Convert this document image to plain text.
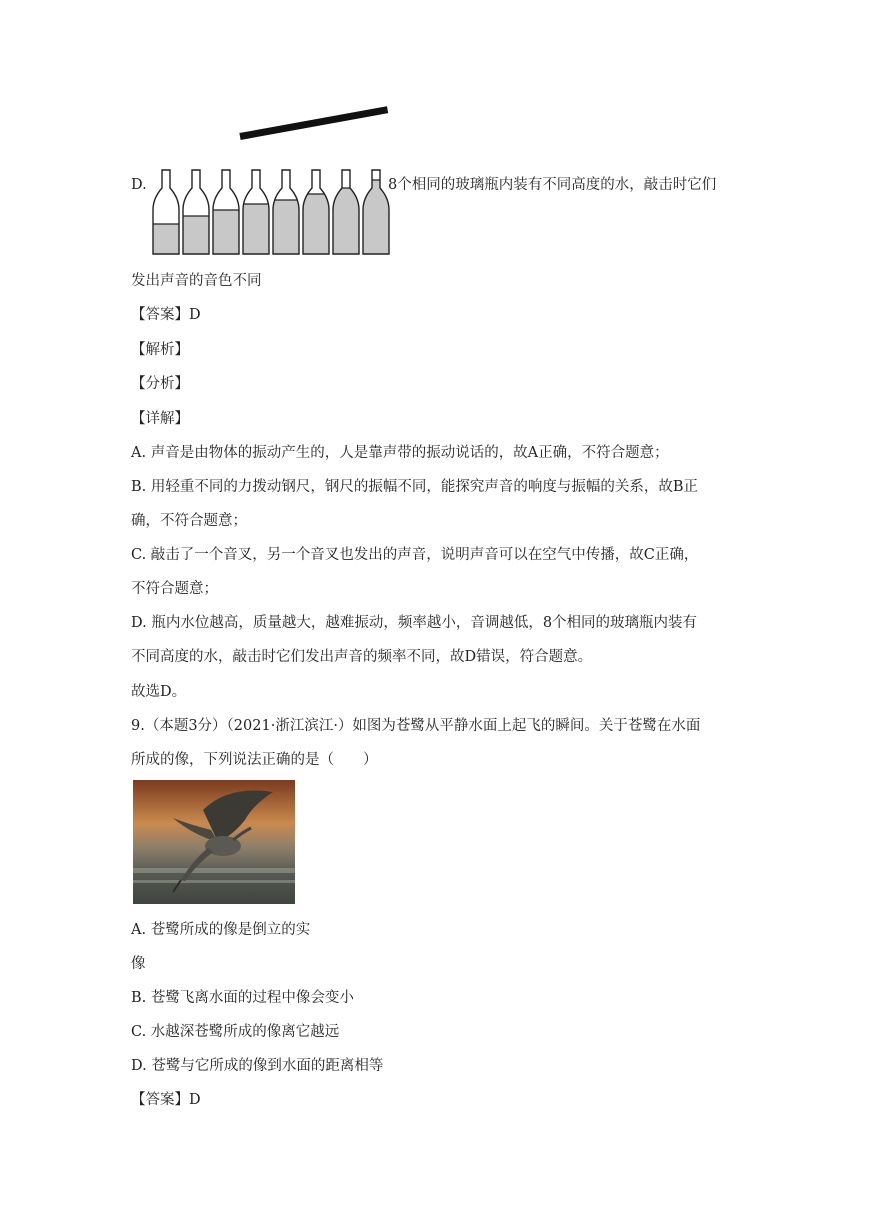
D.	8个相同的玻璃瓶内装有不同高度的水，敲击时它们
发出声音的音色不同
【答案】D
【解析】
【分析】
【详解】
A. 声音是由物体的振动产生的，人是靠声带的振动说话的，故A正确，不符合题意；
B. 用轻重不同的力拨动钢尺，钢尺的振幅不同，能探究声音的响度与振幅的关系，故B正
确，不符合题意；
C. 敲击了一个音叉，另一个音叉也发出的声音，说明声音可以在空气中传播，故C正确，
不符合题意；
D. 瓶内水位越高，质量越大，越难振动，频率越小，音调越低，8个相同的玻璃瓶内装有
不同高度的水，敲击时它们发出声音的频率不同，故D错误，符合题意。
故选D。
9.（本题3分）（2021·浙江滨江·）如图为苍鹭从平静水面上起飞的瞬间。关于苍鹭在水面
所成的像，下列说法正确的是（　　）
A. 苍鹭所成的像是倒立的实
像
B. 苍鹭飞离水面的过程中像会变小
C. 水越深苍鹭所成的像离它越远
D. 苍鹭与它所成的像到水面的距离相等
【答案】D
